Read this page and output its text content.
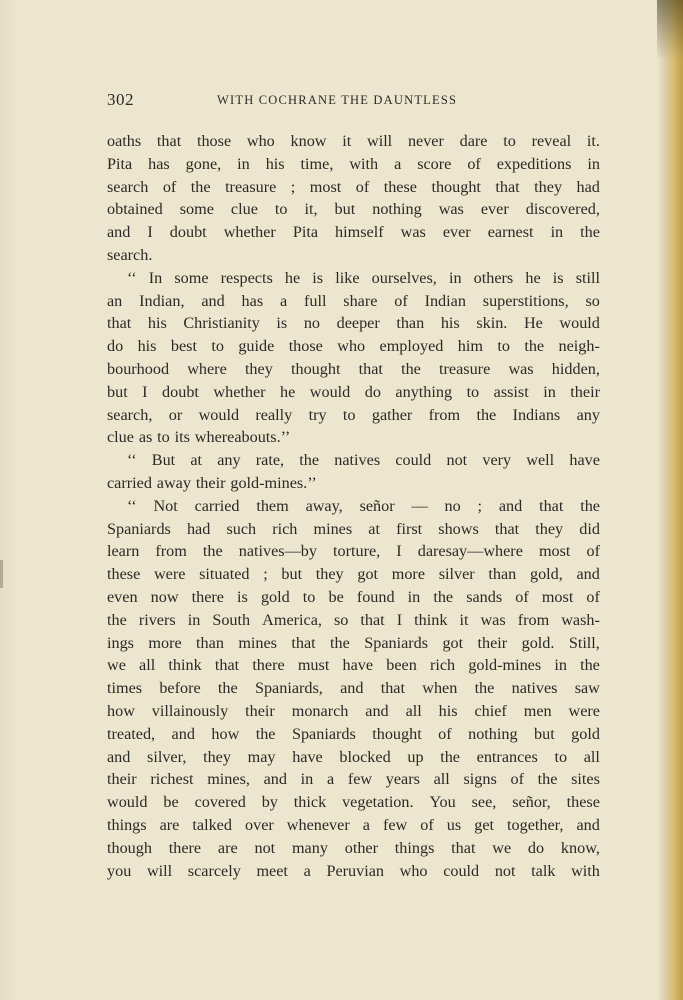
302	WITH COCHRANE THE DAUNTLESS
oaths that those who know it will never dare to reveal it.
Pita has gone, in his time, with a score of expeditions in
search of the treasure ; most of these thought that they had
obtained some clue to it, but nothing was ever discovered,
and I doubt whether Pita himself was ever earnest in the
search.
‘‘ In some respects he is like ourselves, in others he is still
an Indian, and has a full share of Indian superstitions, so
that his Christianity is no deeper than his skin. He would
do his best to guide those who employed him to the neigh-
bourhood where they thought that the treasure was hidden,
but I doubt whether he would do anything to assist in their
search, or would really try to gather from the Indians any
clue as to its whereabouts.’’
‘‘ But at any rate, the natives could not very well have
carried away their gold-mines.’’
‘‘ Not carried them away, señor — no ; and that the
Spaniards had such rich mines at first shows that they did
learn from the natives—by torture, I daresay—where most of
these were situated ; but they got more silver than gold, and
even now there is gold to be found in the sands of most of
the rivers in South America, so that I think it was from wash-
ings more than mines that the Spaniards got their gold. Still,
we all think that there must have been rich gold-mines in the
times before the Spaniards, and that when the natives saw
how villainously their monarch and all his chief men were
treated, and how the Spaniards thought of nothing but gold
and silver, they may have blocked up the entrances to all
their richest mines, and in a few years all signs of the sites
would be covered by thick vegetation. You see, señor, these
things are talked over whenever a few of us get together, and
though there are not many other things that we do know,
you will scarcely meet a Peruvian who could not talk with
